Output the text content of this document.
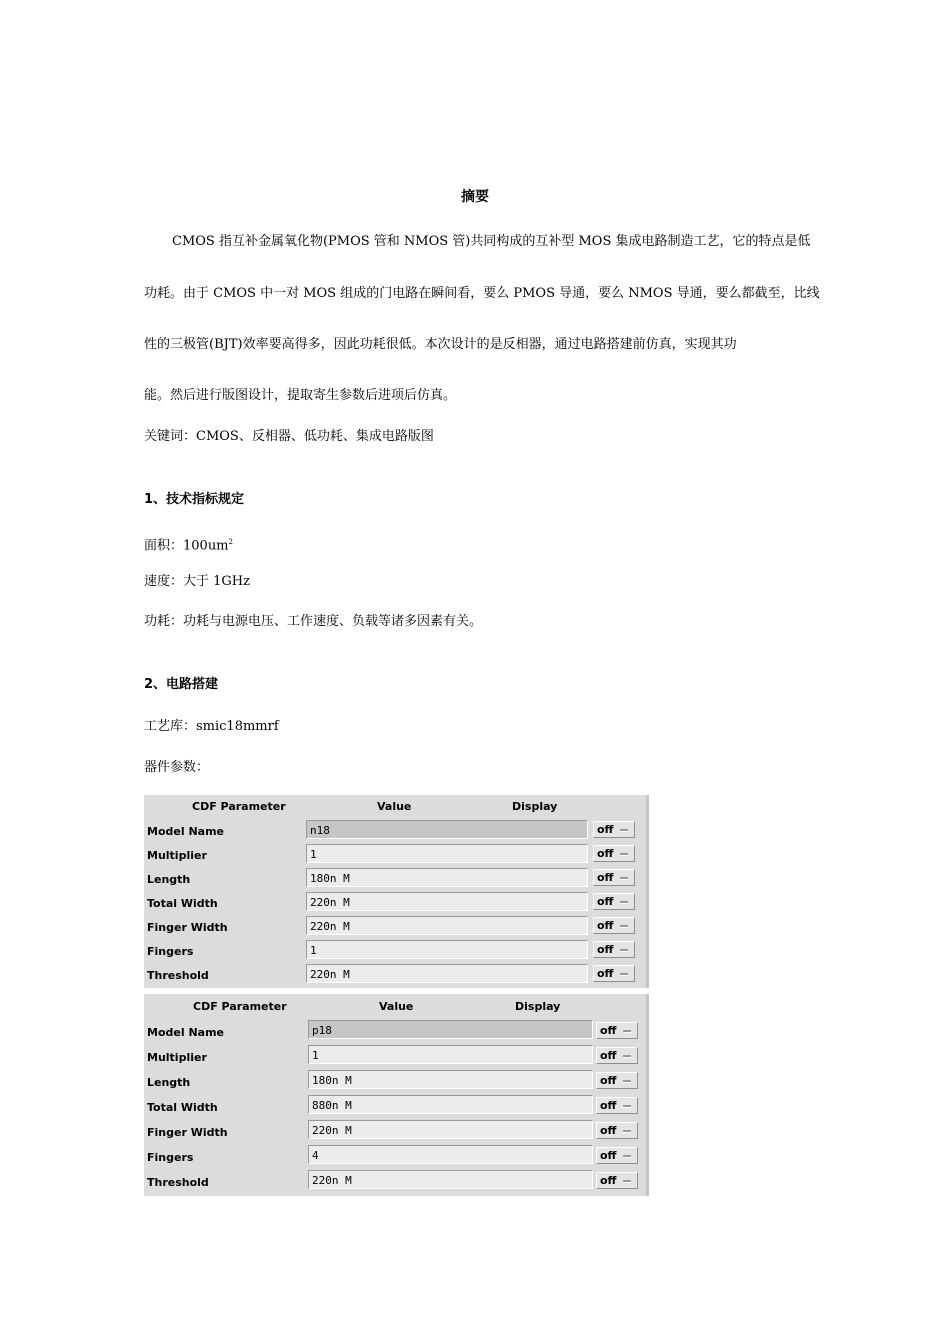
摘要
CMOS 指互补金属氧化物(PMOS 管和 NMOS 管)共同构成的互补型 MOS 集成电路制造工艺，它的特点是低
功耗。由于 CMOS 中一对 MOS 组成的门电路在瞬间看，要么 PMOS 导通，要么 NMOS 导通，要么都截至，比线
性的三极管(BJT)效率要高得多，因此功耗很低。本次设计的是反相器，通过电路搭建前仿真，实现其功
能。然后进行版图设计，提取寄生参数后进项后仿真。
关键词：CMOS、反相器、低功耗、集成电路版图
1、技术指标规定
面积：$100um^2$
速度：大于 1GHz
功耗：功耗与电源电压、工作速度、负载等诸多因素有关。
2、电路搭建
工艺库：smic18mmrf
器件参数：
CDF Parameter	Value	Display
Model Name	n18	off
Multiplier	1	off
Length	180n M	off
Total Width	220n M	off
Finger Width	220n M	off
Fingers	1	off
Threshold	220n M	off
CDF Parameter	Value	Display
Model Name	p18	off
Multiplier	1	off
Length	180n M	off
Total Width	880n M	off
Finger Width	220n M	off
Fingers	4	off
Threshold	220n M	off
